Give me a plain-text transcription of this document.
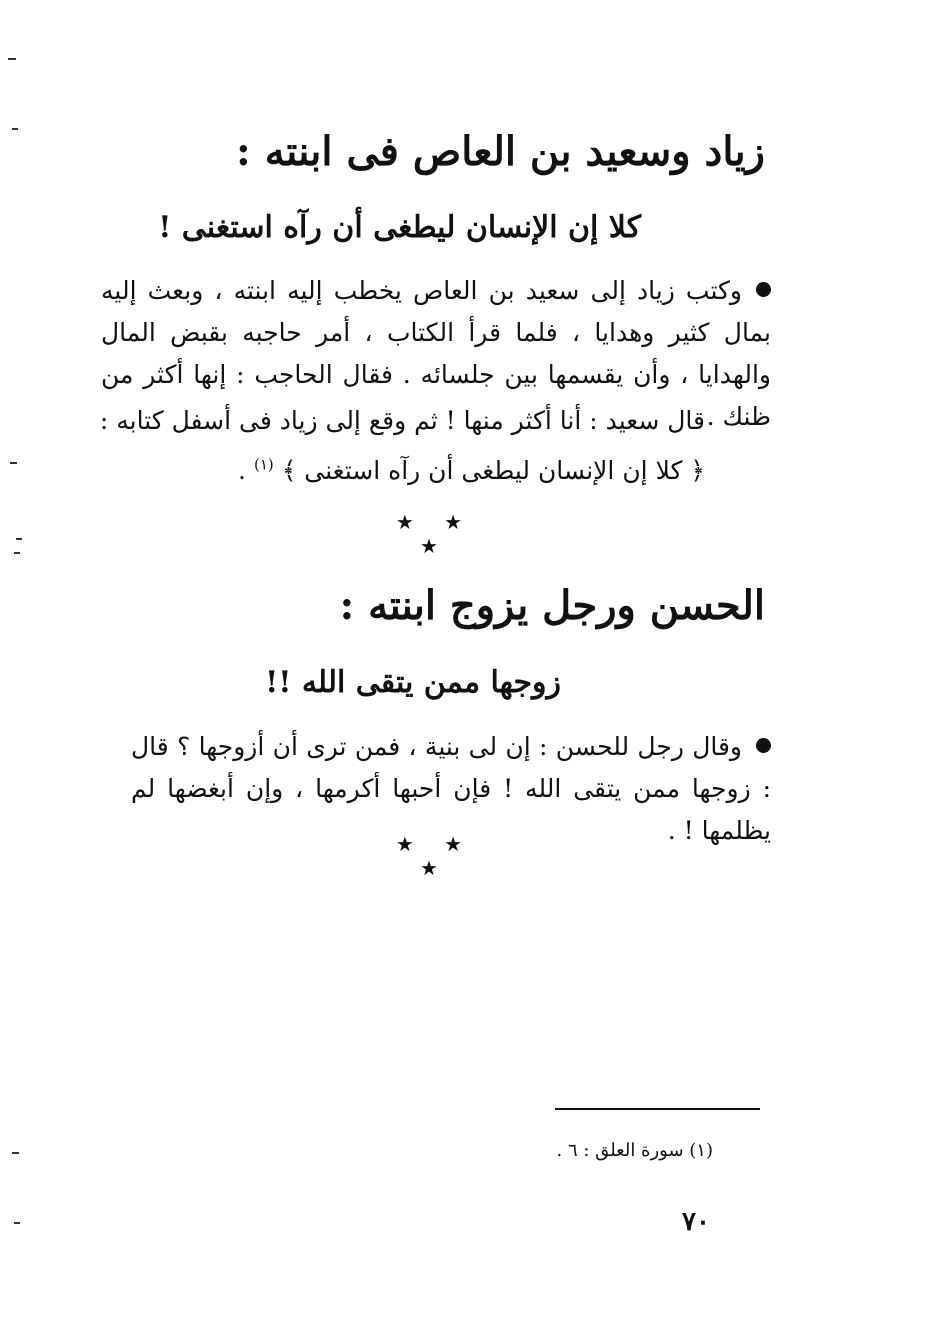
زياد وسعيد بن العاص فى ابنته :
كلا إن الإنسان ليطغى أن رآه استغنى !

وكتب زياد إلى سعيد بن العاص يخطب إليه ابنته ، وبعث إليه بمال كثير وهدايا ، فلما قرأ الكتاب ، أمر حاجبه بقبض المال والهدايا ، وأن يقسمها بين جلسائه . فقال الحاجب : إنها أكثر من ظنك .

قال سعيد : أنا أكثر منها ! ثم وقع إلى زياد فى أسفل كتابه :

﴿ كلا إن الإنسان ليطغى أن رآه استغنى ﴾ $^{(١)}$ .

★ ★ ★
الحسن ورجل يزوج ابنته :
زوجها ممن يتقى الله !!

وقال رجل للحسن : إن لى بنية ، فمن ترى أن أزوجها ؟ قال : زوجها ممن يتقى الله ! فإن أحبها أكرمها ، وإن أبغضها لم يظلمها ! .

★ ★ ★
(١) سورة العلق : ٦ .
٧٠
